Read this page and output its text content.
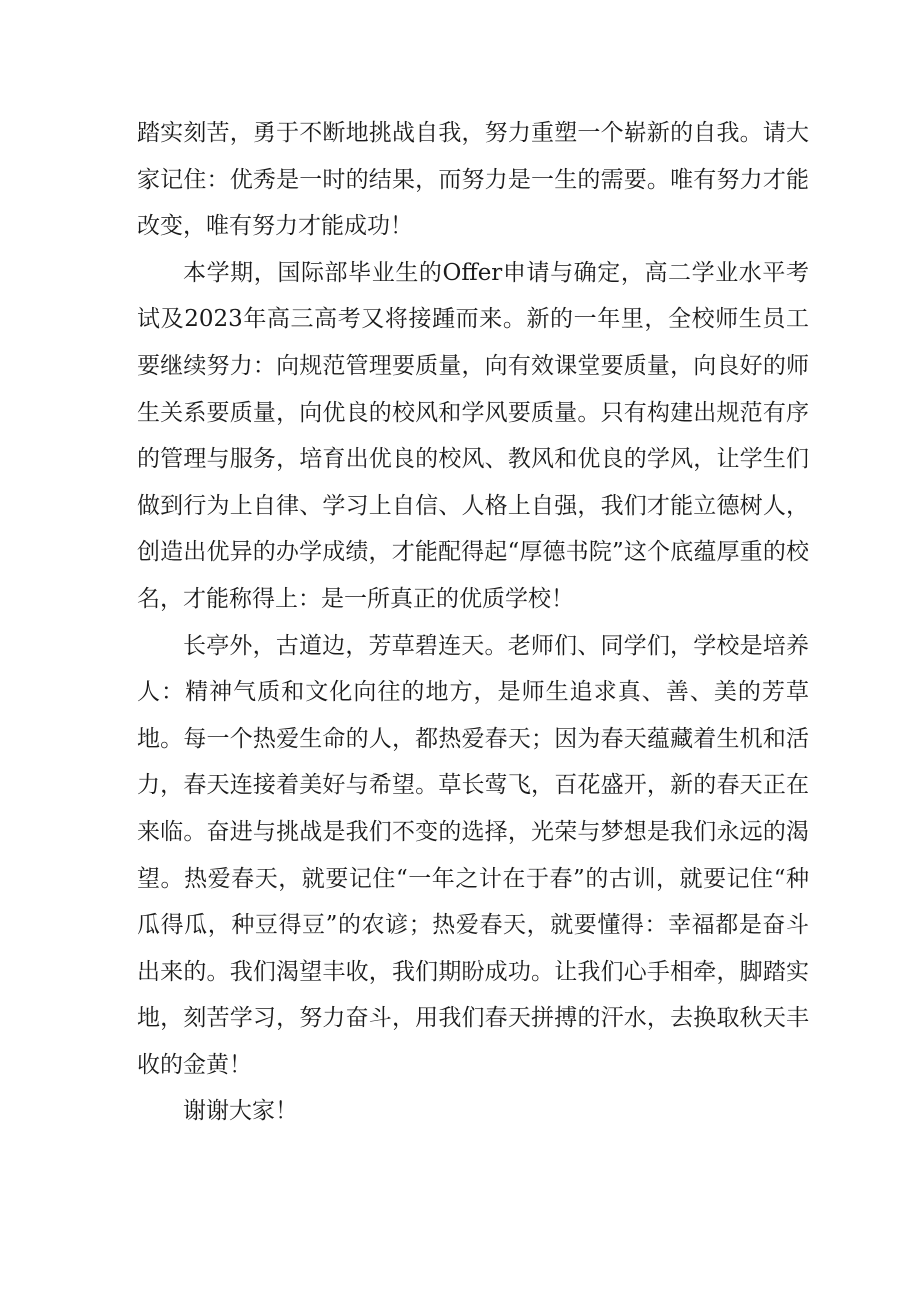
踏实刻苦，勇于不断地挑战自我，努力重塑一个崭新的自我。请大家记住：优秀是一时的结果，而努力是一生的需要。唯有努力才能改变，唯有努力才能成功！

本学期，国际部毕业生的Offer申请与确定，高二学业水平考试及2023年高三高考又将接踵而来。新的一年里，全校师生员工要继续努力：向规范管理要质量，向有效课堂要质量，向良好的师生关系要质量，向优良的校风和学风要质量。只有构建出规范有序的管理与服务，培育出优良的校风、教风和优良的学风，让学生们做到行为上自律、学习上自信、人格上自强，我们才能立德树人，创造出优异的办学成绩，才能配得起“厚德书院”这个底蕴厚重的校名，才能称得上：是一所真正的优质学校！

长亭外，古道边，芳草碧连天。老师们、同学们，学校是培养人：精神气质和文化向往的地方，是师生追求真、善、美的芳草地。每一个热爱生命的人，都热爱春天；因为春天蕴藏着生机和活力，春天连接着美好与希望。草长莺飞，百花盛开，新的春天正在来临。奋进与挑战是我们不变的选择，光荣与梦想是我们永远的渴望。热爱春天，就要记住“一年之计在于春”的古训，就要记住“种瓜得瓜，种豆得豆”的农谚；热爱春天，就要懂得：幸福都是奋斗出来的。我们渴望丰收，我们期盼成功。让我们心手相牵，脚踏实地，刻苦学习，努力奋斗，用我们春天拼搏的汗水，去换取秋天丰收的金黄！

谢谢大家！
